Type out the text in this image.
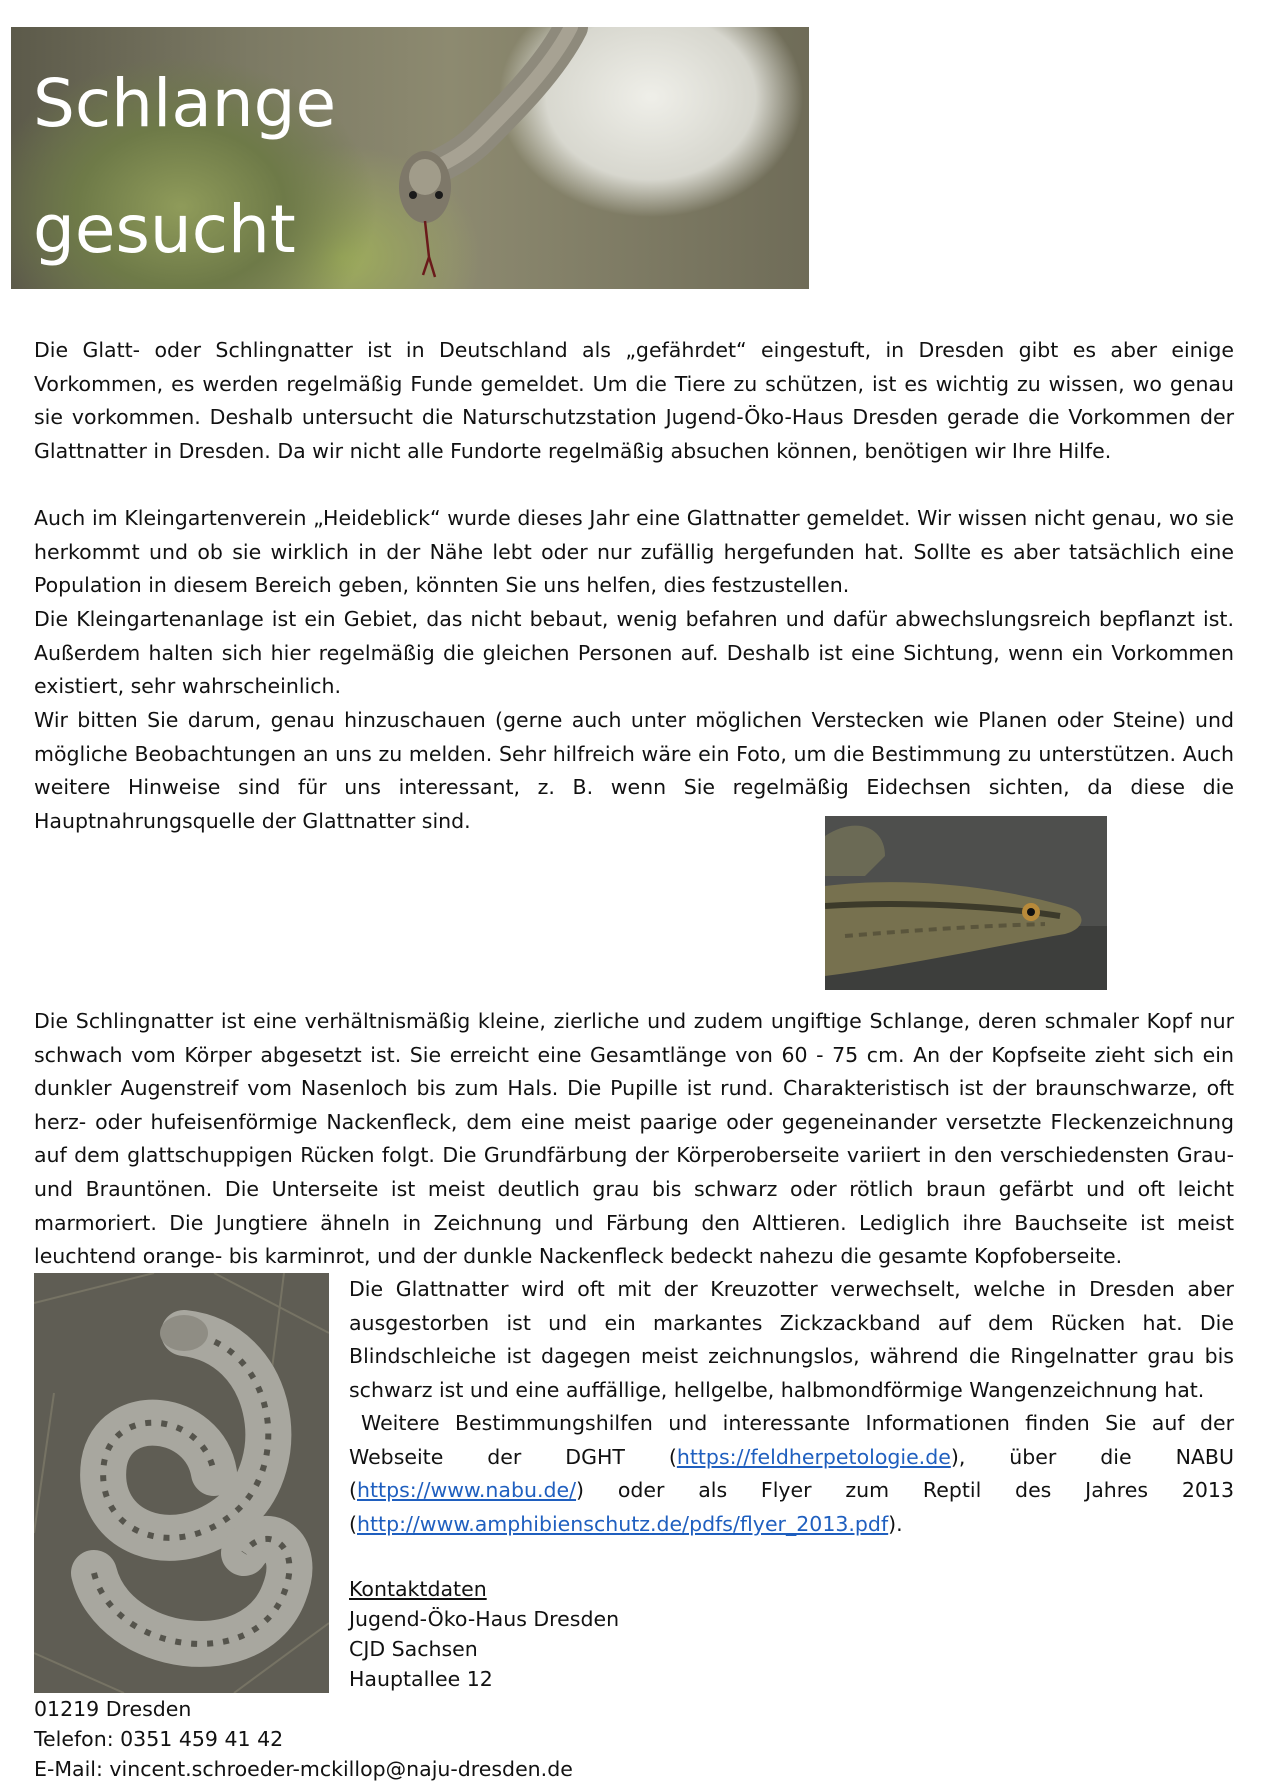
Schlange
gesucht

Die Glatt- oder Schlingnatter ist in Deutschland als „gefährdet“ eingestuft, in Dresden gibt es aber einige Vorkommen, es werden regelmäßig Funde gemeldet. Um die Tiere zu schützen, ist es wichtig zu wissen, wo genau sie vorkommen. Deshalb untersucht die Naturschutzstation Jugend-Öko-Haus Dresden gerade die Vorkommen der Glattnatter in Dresden. Da wir nicht alle Fundorte regelmäßig absuchen können, benötigen wir Ihre Hilfe.

Auch im Kleingartenverein „Heideblick“ wurde dieses Jahr eine Glattnatter gemeldet. Wir wissen nicht genau, wo sie herkommt und ob sie wirklich in der Nähe lebt oder nur zufällig hergefunden hat. Sollte es aber tatsächlich eine Population in diesem Bereich geben, könnten Sie uns helfen, dies festzustellen.

Die Kleingartenanlage ist ein Gebiet, das nicht bebaut, wenig befahren und dafür abwechslungsreich bepflanzt ist. Außerdem halten sich hier regelmäßig die gleichen Personen auf. Deshalb ist eine Sichtung, wenn ein Vorkommen existiert, sehr wahrscheinlich.

Wir bitten Sie darum, genau hinzuschauen (gerne auch unter möglichen Verstecken wie Planen oder Steine) und mögliche Beobachtungen an uns zu melden. Sehr hilfreich wäre ein Foto, um die Bestimmung zu unterstützen. Auch weitere Hinweise sind für uns interessant, z. B. wenn Sie regelmäßig Eidechsen sichten, da diese die Hauptnahrungsquelle der Glattnatter sind.

Die Schlingnatter ist eine verhältnismäßig kleine, zierliche und zudem ungiftige Schlange, deren schmaler Kopf nur schwach vom Körper abgesetzt ist. Sie erreicht eine Gesamtlänge von 60 - 75 cm. An der Kopfseite zieht sich ein dunkler Augenstreif vom Nasenloch bis zum Hals. Die Pupille ist rund. Charakteristisch ist der braunschwarze, oft herz- oder hufeisenförmige Nackenfleck, dem eine meist paarige oder gegeneinander versetzte Fleckenzeichnung auf dem glattschuppigen Rücken folgt. Die Grundfärbung der Körperoberseite variiert in den verschiedensten Grau- und Brauntönen. Die Unterseite ist meist deutlich grau bis schwarz oder rötlich braun gefärbt und oft leicht marmoriert. Die Jungtiere ähneln in Zeichnung und Färbung den Alttieren. Lediglich ihre Bauchseite ist meist leuchtend orange- bis karminrot, und der dunkle Nackenfleck bedeckt nahezu die gesamte Kopfoberseite.

Die Glattnatter wird oft mit der Kreuzotter verwechselt, welche in Dresden aber ausgestorben ist und ein markantes Zickzackband auf dem Rücken hat. Die Blindschleiche ist dagegen meist zeichnungslos, während die Ringelnatter grau bis schwarz ist und eine auffällige, hellgelbe, halbmondförmige Wangenzeichnung hat.

Weitere Bestimmungshilfen und interessante Informationen finden Sie auf der Webseite der DGHT (https://feldherpetologie.de), über die NABU (https://www.nabu.de/) oder als Flyer zum Reptil des Jahres 2013 (http://www.amphibienschutz.de/pdfs/flyer_2013.pdf).

Kontaktdaten

Jugend-Öko-Haus Dresden

CJD Sachsen

Hauptallee 12

01219 Dresden

Telefon: 0351 459 41 42

E-Mail: vincent.schroeder-mckillop@naju-dresden.de
